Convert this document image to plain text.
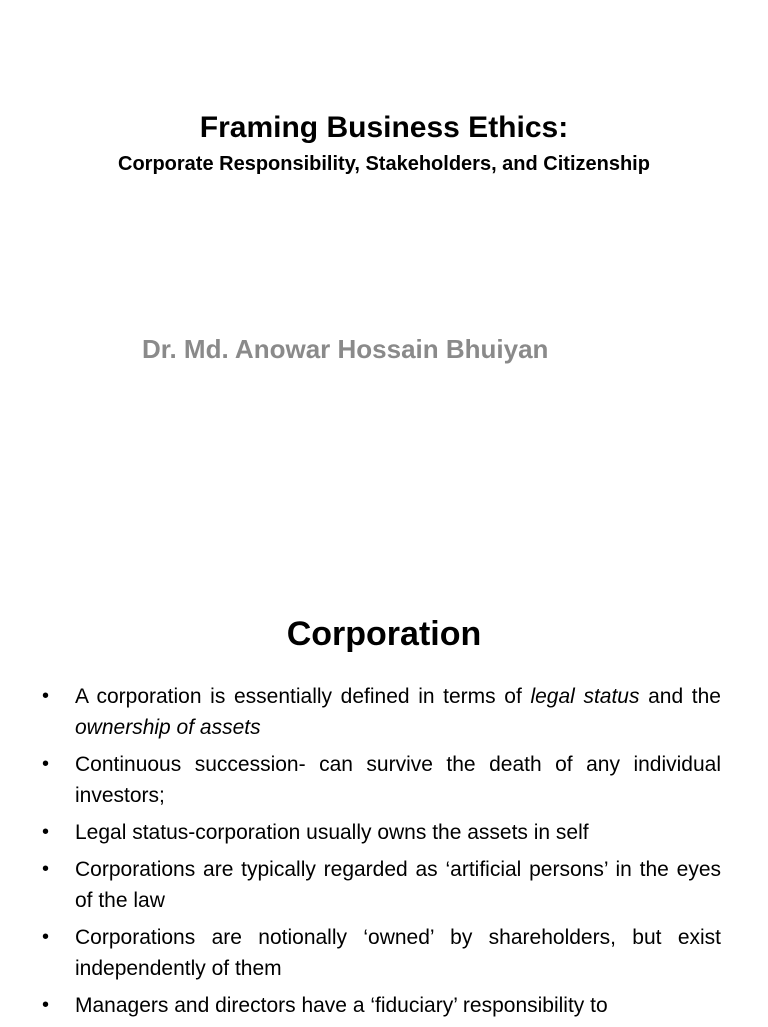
Framing Business Ethics:
Corporate Responsibility, Stakeholders, and Citizenship
Dr. Md. Anowar Hossain Bhuiyan
Corporation
• A corporation is essentially defined in terms of legal status and the ownership of assets
• Continuous succession- can survive the death of any individual investors;
• Legal status-corporation usually owns the assets in self
• Corporations are typically regarded as ‘artificial persons’ in the eyes of the law
• Corporations are notionally ‘owned’ by shareholders, but exist independently of them
• Managers and directors have a ‘fiduciary’ responsibility to
